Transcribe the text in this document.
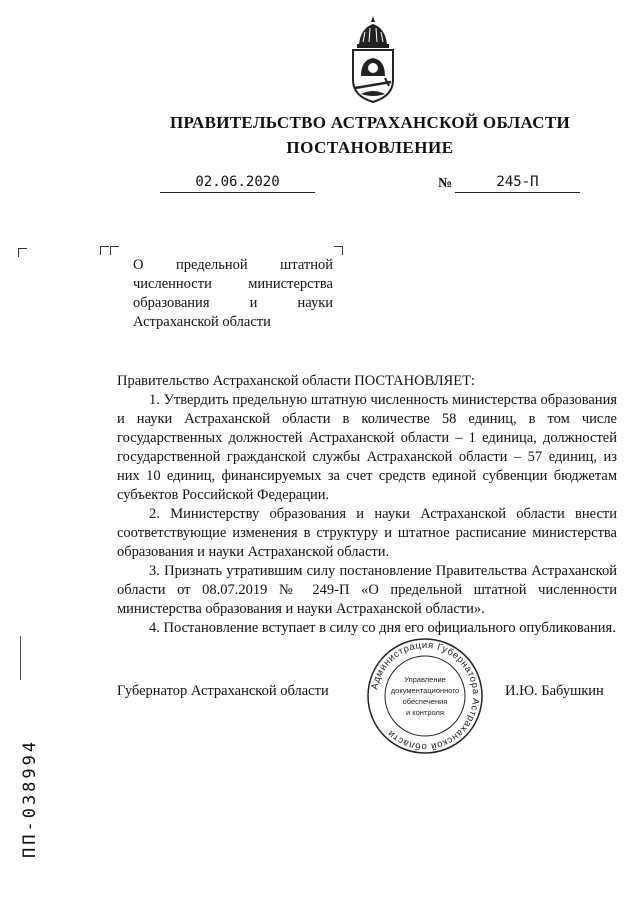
ПРАВИТЕЛЬСТВО АСТРАХАНСКОЙ ОБЛАСТИ
ПОСТАНОВЛЕНИЕ
02.06.2020	№	245-П
О предельной штатной численности министерства образования и науки Астраханской области

Правительство Астраханской области ПОСТАНОВЛЯЕТ:

1. Утвердить предельную штатную численность министерства образования и науки Астраханской области в количестве 58 единиц, в том числе государственных должностей Астраханской области – 1 единица, должностей государственной гражданской службы Астраханской области – 57 единиц, из них 10 единиц, финансируемых за счет средств единой субвенции бюджетам субъектов Российской Федерации.

2. Министерству образования и науки Астраханской области внести соответствующие изменения в структуру и штатное расписание министерства образования и науки Астраханской области.

3. Признать утратившим силу постановление Правительства Астраханской области от 08.07.2019 № 249-П «О предельной штатной численности министерства образования и науки Астраханской области».

4. Постановление вступает в силу со дня его официального опубликования.

Губернатор Астраханской области	И.Ю. Бабушкин
Администрация Губернатора Астраханской области
Управление
документационного
обеспечения
и контроля
ПП-038994
